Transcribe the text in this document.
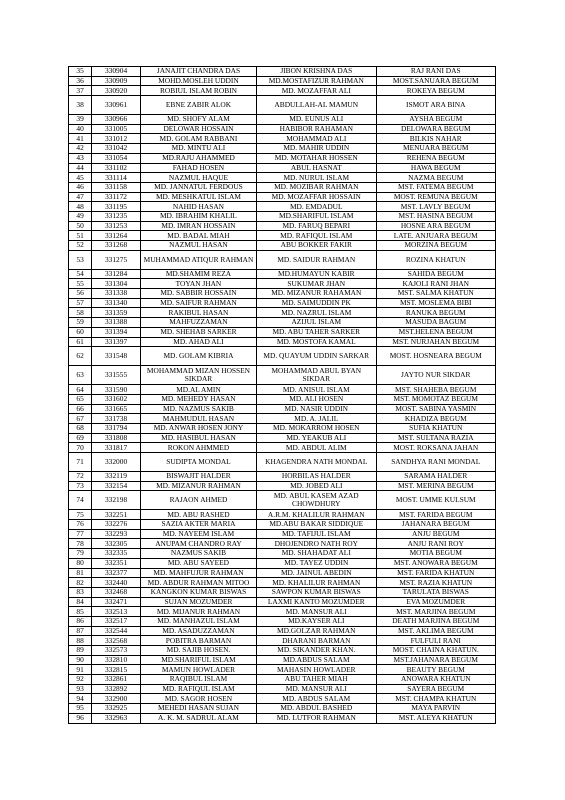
35	330904	JANAJIT CHANDRA DAS	JIBON KRISHNA DAS	RAJ RANI DAS
36	330909	MOHD.MOSLEH UDDIN	MD.MOSTAFIZUR RAHMAN	MOST.SANUARA BEGUM
37	330920	ROBIUL ISLAM ROBIN	MD. MOZAFFAR ALI	ROKEYA BEGUM
38	330961	EBNE ZABIR ALOK	ABDULLAH-AL MAMUN	ISMOT ARA BINA
39	330966	MD. SHOFY ALAM	MD. EUNUS ALI	AYSHA BEGUM
40	331005	DELOWAR HOSSAIN	HABIBOR RAHAMAN	DELOWARA BEGUM
41	331012	MD. GOLAM RABBANI	MOHAMMAD ALI	BILKIS NAHAR
42	331042	MD. MINTU ALI	MD. MAHIR UDDIN	MENUARA BEGUM
43	331054	MD.RAJU AHAMMED	MD. MOTAHAR HOSSEN	REHENA BEGUM
44	331102	FAHAD HOSEN	ABUL HASNAT	HAWA BEGUM
45	331114	NAZMUL HAQUE	MD. NURUL ISLAM	NAZMA BEGUM
46	331158	MD. JANNATUL FERDOUS	MD. MOZIBAR RAHMAN	MST. FATEMA BEGUM
47	331172	MD. MESHKATUL ISLAM	MD. MOZAFFAR HOSSAIN	MOST. REMUNA BEGUM
48	331195	NAHID HASAN	MD. EMDADUL	MST. LAVLY BEGUM
49	331235	MD. IBRAHIM KHALIL	MD.SHARIFUL ISLAM	MST. HASINA BEGUM
50	331253	MD. IMRAN HOSSAIN	MD. FARUQ BEPARI	HOSNE ARA BEGUM
51	331264	MD. BADAL MIAH	MD. RAFIQUL ISLAM	LATE. ANJUARA BEGUM
52	331268	NAZMUL HASAN	ABU BOKKER FAKIR	MORZINA BEGUM
53	331275	MUHAMMAD ATIQUR RAHMAN	MD. SAIDUR RAHMAN	ROZINA KHATUN
54	331284	MD.SHAMIM REZA	MD.HUMAYUN KABIR	SAHIDA BEGUM
55	331304	TOYAN JHAN	SUKUMAR JHAN	KAJOLI RANI JHAN
56	331338	MD. SABBIR HOSSAIN	MD. MIZANUR RAHAMAN	MST. SALMA KHATUN
57	331340	MD. SAIFUR RAHMAN	MD. SAIMUDDIN PK	MST. MOSLEMA BIBI
58	331359	RAKIBUL HASAN	MD. NAZRUL ISLAM	RANUKA BEGUM
59	331388	MAHFUZZAMAN	AZIJUL ISLAM	MASUDA BAGUM
60	331394	MD. SHEHAB SARKER	MD. ABU TAHER SARKER	MST.HELENA BEGUM
61	331397	MD. AHAD ALI	MD. MOSTOFA KAMAL	MST. NURJAHAN BEGUM
62	331548	MD. GOLAM KIBRIA	MD. QUAYUM UDDIN SARKAR	MOST. HOSNEARA BEGUM
63	331555	MOHAMMAD MIZAN HOSSEN SIKDAR	MOHAMMAD ABUL BYAN SIKDAR	JAYTO NUR SIKDAR
64	331590	MD.AL AMIN	MD. ANISUL ISLAM	MST. SHAHEBA BEGUM
65	331602	MD. MEHEDY HASAN	MD. ALI HOSEN	MST. MOMOTAZ BEGUM
66	331665	MD. NAZMUS SAKIB	MD. NASIR UDDIN	MOST. SABINA YASMIN
67	331738	MAHMUDUL HASAN	MD. A. JALIL	KHADIZA BEGUM
68	331794	MD. ANWAR HOSEN JONY	MD. MOKARROM HOSEN	SUFIA KHATUN
69	331808	MD. HASIBUL HASAN	MD. YEAKUB ALI	MST. SULTANA RAZIA
70	331817	ROKON AHMMED	MD. ABDUL ALIM	MOST. ROKSANA JAHAN
71	332000	SUDIPTA MONDAL	KHAGENDRA NATH MONDAL	SANDHYA RANI MONDAL
72	332119	BISWAJIT HALDER	HORBILAS HALDER	SARAMA HALDER
73	332154	MD. MIZANUR RAHMAN	MD. JOBED ALI	MST. MERINA BEGUM
74	332198	RAJAON AHMED	MD. ABUL KASEM AZAD CHOWDHURY	MOST. UMME KULSUM
75	332251	MD. ABU RASHED	A.R.M. KHALILUR RAHMAN	MST. FARIDA BEGUM
76	332276	SAZIA AKTER MARIA	MD.ABU BAKAR SIDDIQUE	JAHANARA BEGUM
77	332293	MD. NAYEEM ISLAM	MD. TAFIJUL ISLAM	ANJU BEGUM
78	332305	ANUPAM CHANDRO RAY	DHOJENDRO NATH ROY	ANJU RANI ROY
79	332335	NAZMUS SAKIB	MD. SHAHADAT ALI	MOTIA BEGUM
80	332351	MD. ABU SAYEED	MD. TAYEZ UDDIN	MST. ANOWARA BEGUM
81	332377	MD. MAHFUJUR RAHMAN	MD. JAINUL ABEDIN	MST. FARIDA KHATUN
82	332440	MD. ABDUR RAHMAN MITOO	MD. KHALILUR RAHMAN	MST. RAZIA KHATUN
83	332468	KANGKON KUMAR BISWAS	SAWPON KUMAR BISWAS	TARULATA BISWAS
84	332471	SUJAN MOZUMDER	LAXMI KANTO MOZUMDER	EVA MOZUMDER
85	332513	MD. MIJANUR RAHMAN	MD. MANSUR ALI	MST. MARJINA BEGUM
86	332517	MD. MANHAZUL ISLAM	MD.KAYSER ALI	DEATH MARJINA BEGUM
87	332544	MD. ASADUZZAMAN	MD.GOLZAR RAHMAN	MST. AKLIMA BEGUM
88	332568	POBITRA BARMAN	DHARANI BARMAN	FULFULI RANI
89	332573	MD. SAJIB HOSEN.	MD. SIKANDER KHAN.	MOST. CHAINA KHATUN.
90	332810	MD.SHARIFUL ISLAM	MD.ABDUS SALAM	MST.JAHANARA BEGUM
91	332815	MAMUN HOWLADER	MAHASIN HOWLADER	BEAUTY BEGUM
92	332861	RAQIBUL ISLAM	ABU TAHER MIAH	ANOWARA KHATUN
93	332892	MD. RAFIQUL ISLAM	MD. MANSUR ALI	SAYERA BEGUM
94	332900	MD. SAGOR HOSEN	MD. ABDUS SALAM	MST. CHAMPA KHATUN
95	332925	MEHEDI HASAN SUJAN	MD. ABDUL BASHED	MAYA PARVIN
96	332963	A. K. M. SADRUL ALAM	MD. LUTFOR RAHMAN	MST. ALEYA KHATUN
